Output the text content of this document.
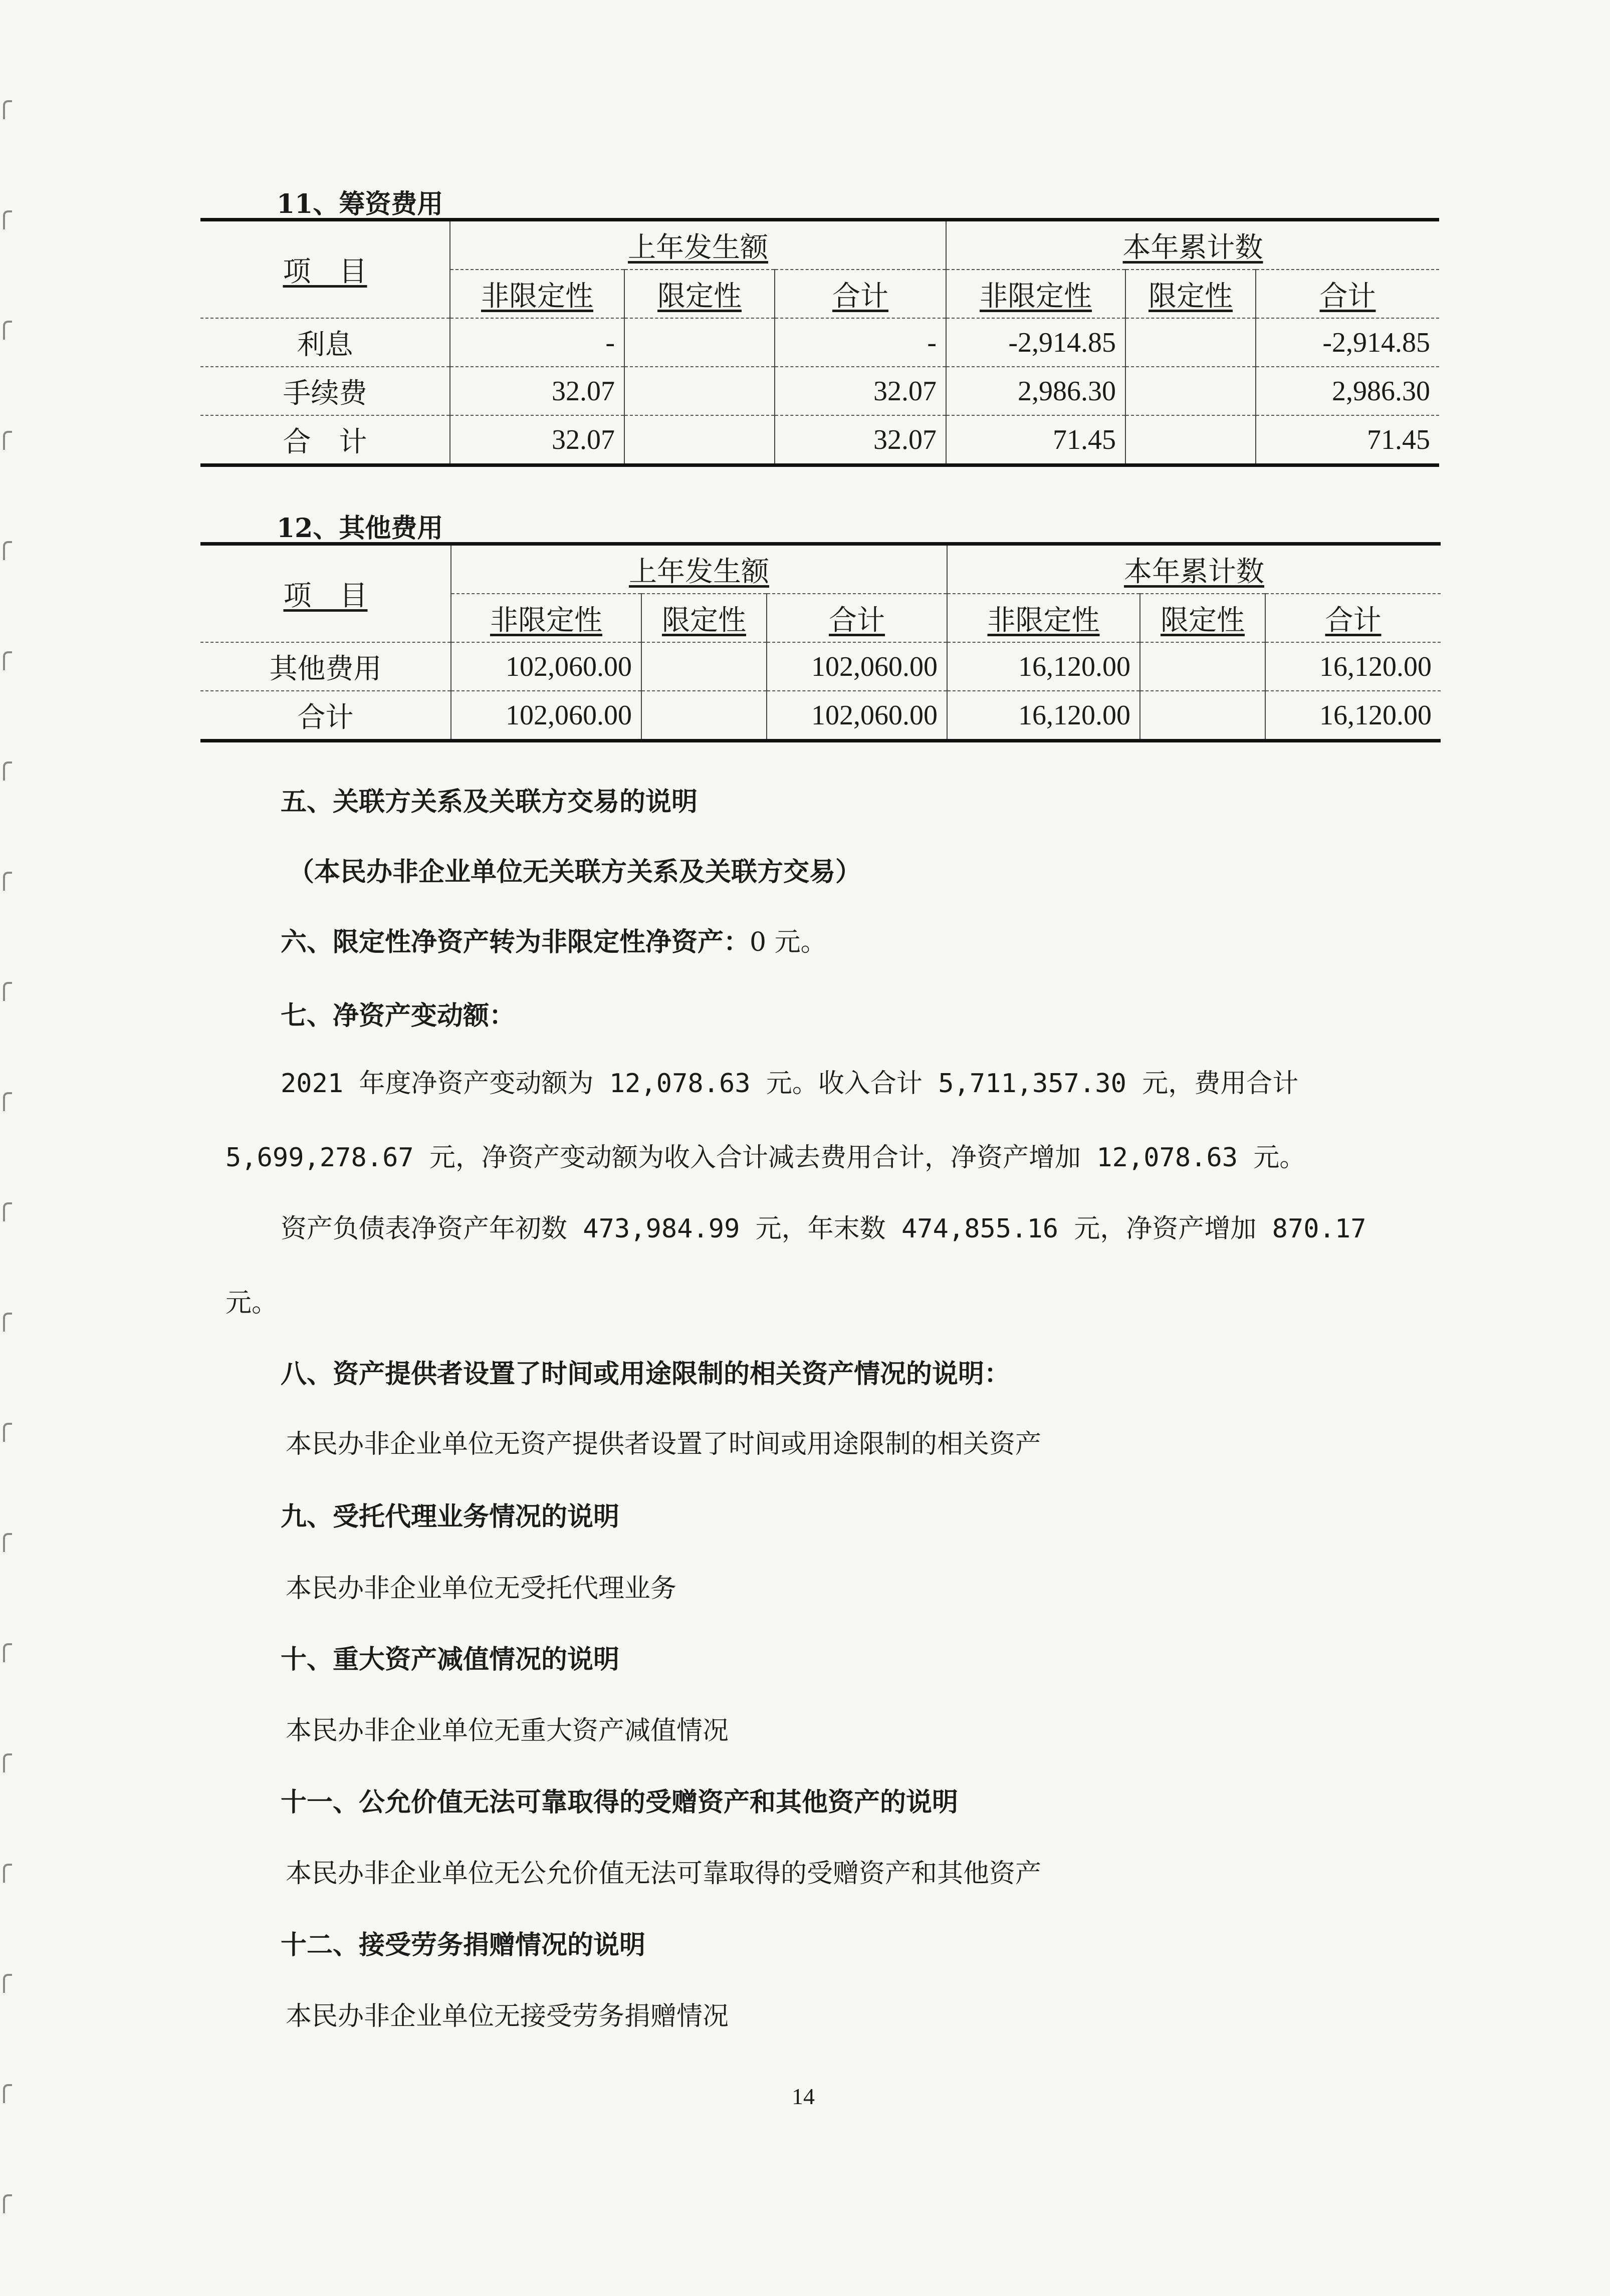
11、筹资费用
项　目	上年发生额			本年累计数		
	非限定性	限定性	合计	非限定性	限定性	合计
利息	-		-	-2,914.85		-2,914.85
手续费	32.07		32.07	2,986.30		2,986.30
合　计	32.07		32.07	71.45		71.45
12、其他费用
项　目	上年发生额			本年累计数		
	非限定性	限定性	合计	非限定性	限定性	合计
其他费用	102,060.00		102,060.00	16,120.00		16,120.00
合计	102,060.00		102,060.00	16,120.00		16,120.00
五、关联方关系及关联方交易的说明
（本民办非企业单位无关联方关系及关联方交易）
六、限定性净资产转为非限定性净资产：0 元。
七、净资产变动额：
2021 年度净资产变动额为 12,078.63 元。收入合计 5,711,357.30 元，费用合计
5,699,278.67 元，净资产变动额为收入合计减去费用合计，净资产增加 12,078.63 元。
资产负债表净资产年初数 473,984.99 元，年末数 474,855.16 元，净资产增加 870.17
元。
八、资产提供者设置了时间或用途限制的相关资产情况的说明：
本民办非企业单位无资产提供者设置了时间或用途限制的相关资产
九、受托代理业务情况的说明
本民办非企业单位无受托代理业务
十、重大资产减值情况的说明
本民办非企业单位无重大资产减值情况
十一、公允价值无法可靠取得的受赠资产和其他资产的说明
本民办非企业单位无公允价值无法可靠取得的受赠资产和其他资产
十二、接受劳务捐赠情况的说明
本民办非企业单位无接受劳务捐赠情况
14
